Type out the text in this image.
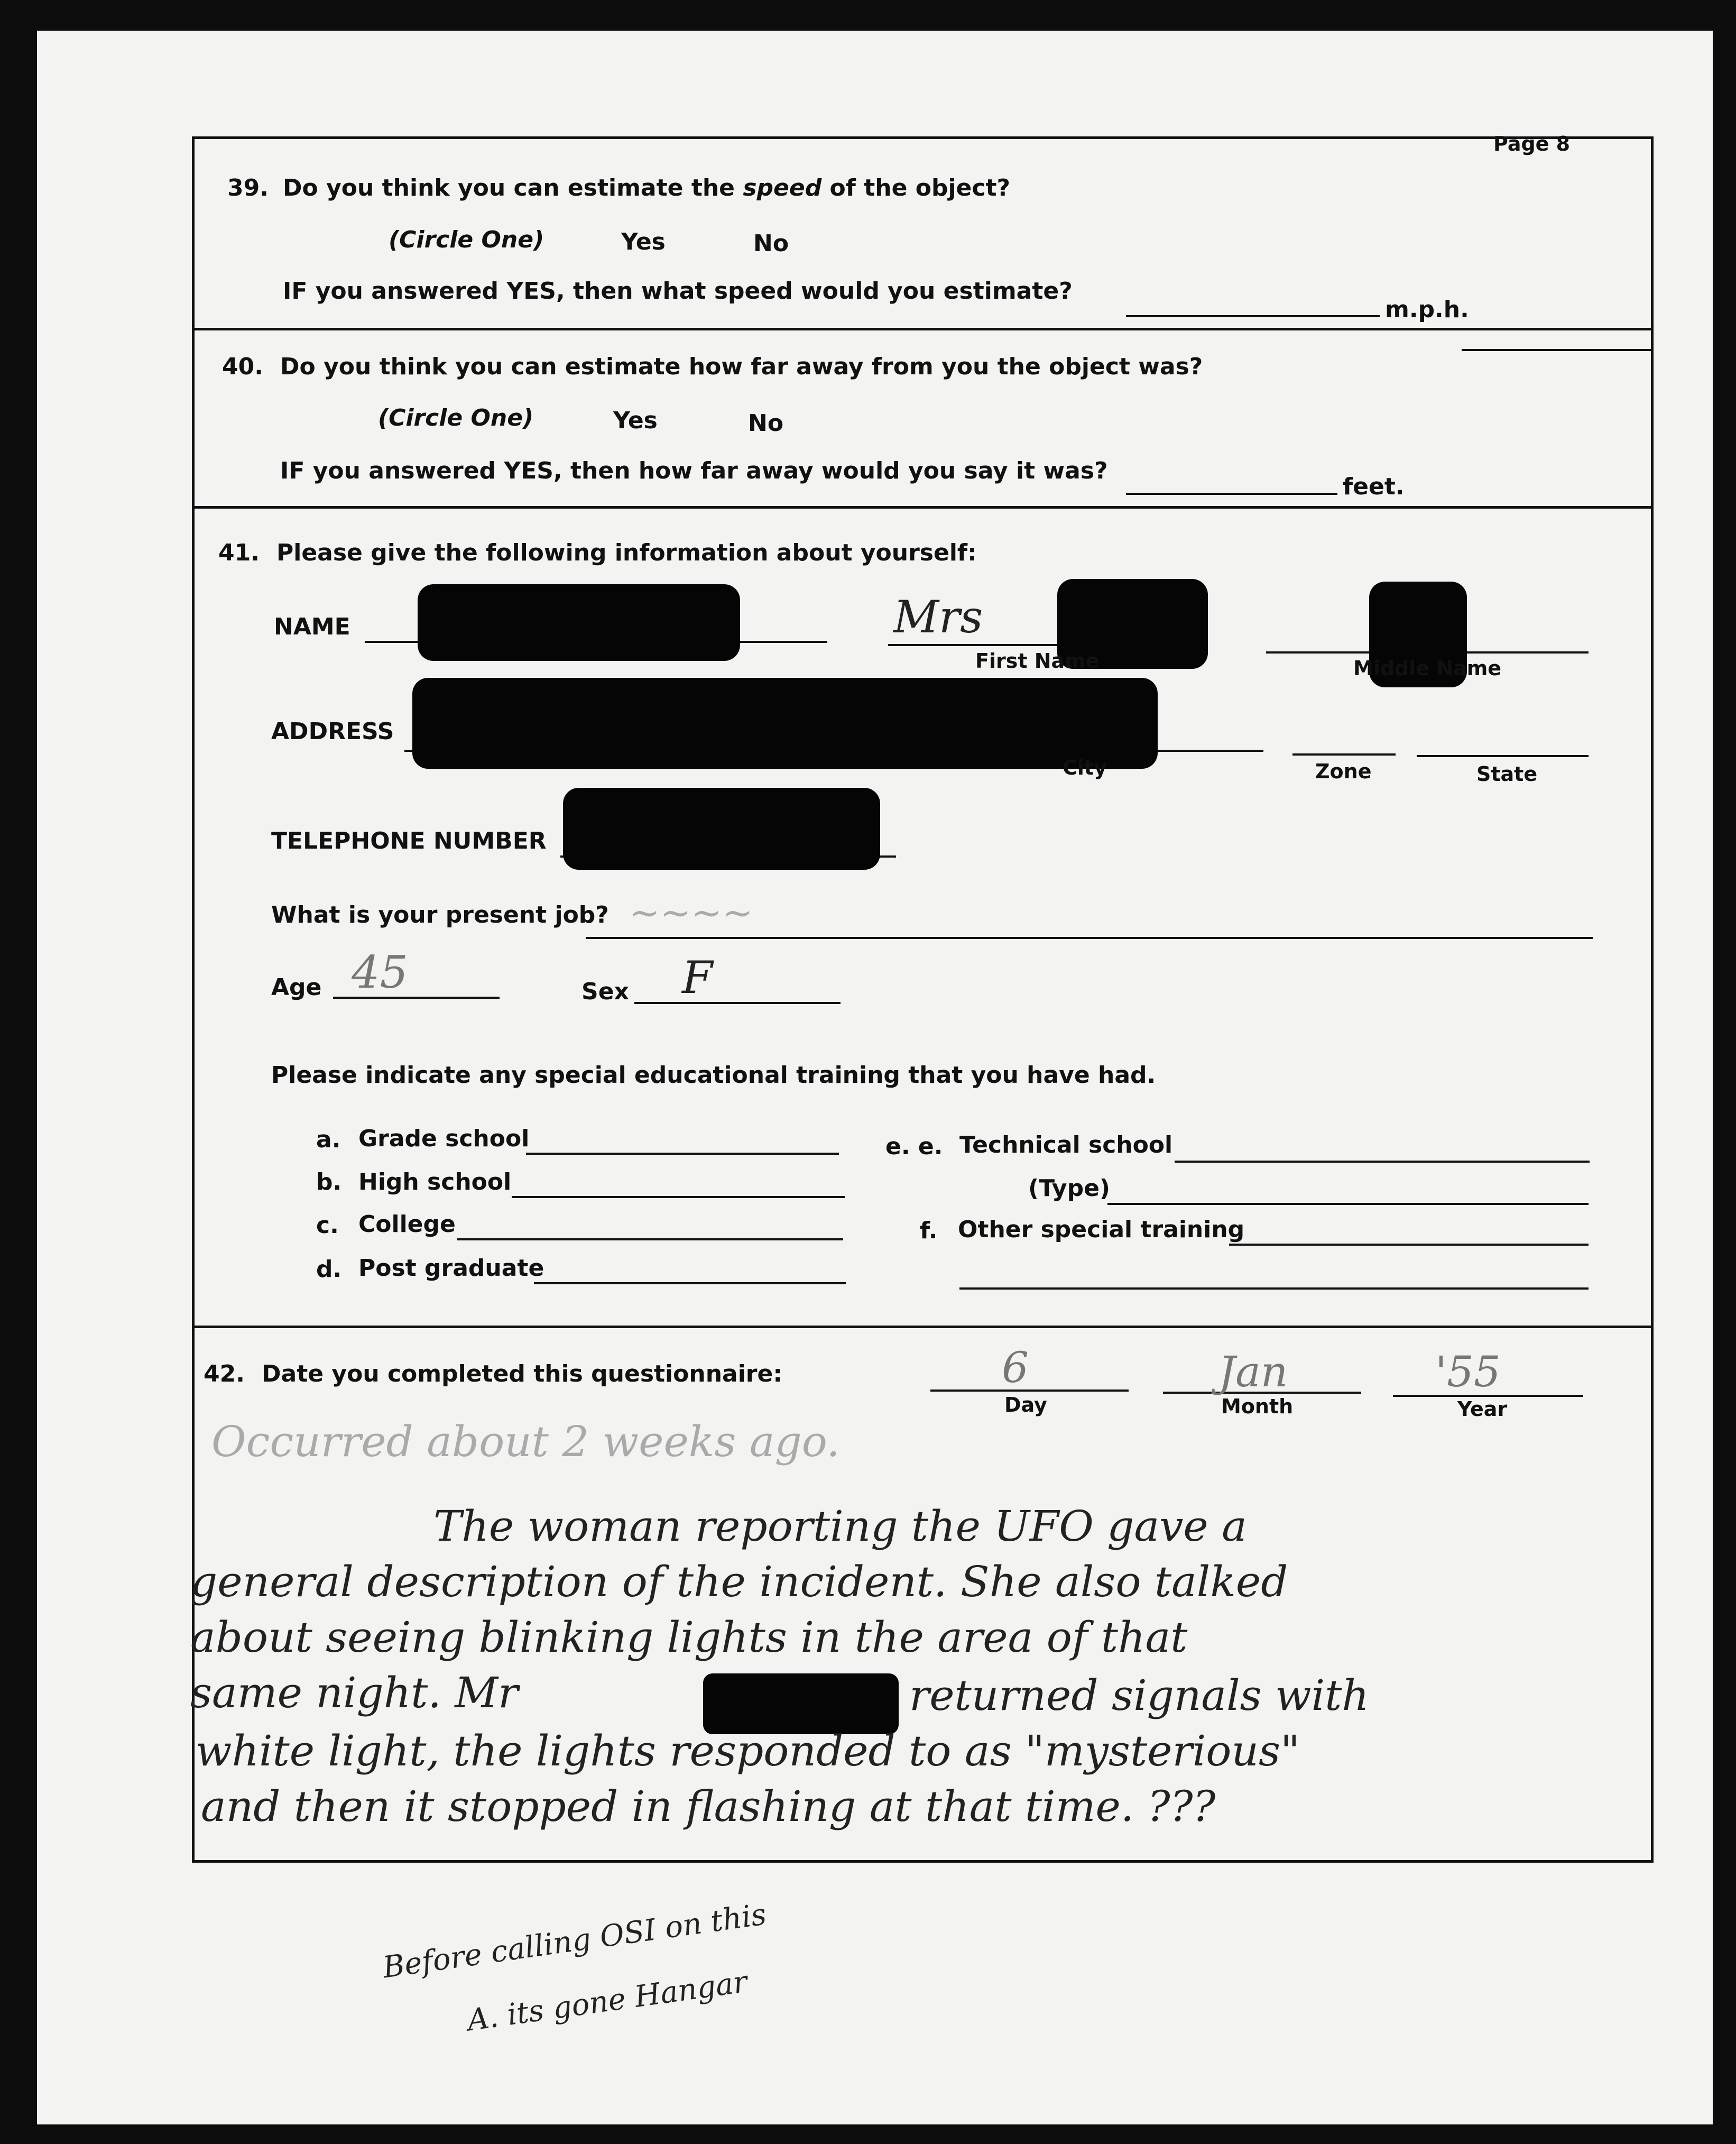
Page 8
39. Do you think you can estimate the speed of the object?
(Circle One)	Yes	No
IF you answered YES, then what speed would you estimate?
m.p.h.
40. Do you think you can estimate how far away from you the object was?
(Circle One)	Yes	No
IF you answered YES, then how far away would you say it was?
feet.
41. Please give the following information about yourself:
NAME	Mrs
First Name	Middle Name
ADDRESS
City	Zone	State
TELEPHONE NUMBER
What is your present job? ~~~~
Age 45	Sex F
Please indicate any special educational training that you have had.
a. Grade school
b. High school
c. College
d. Post graduate
e. e. Technical school
(Type)
f. Other special training
42. Date you completed this questionnaire:	6
Day
Jan
Month
'55
Year
Occurred about 2 weeks ago.
The woman reporting the UFO gave a
general description of the incident. She also talked
about seeing blinking lights in the area of that
same night. Mr	returned signals with
white light, the lights responded to as "mysterious"
and then it stopped in flashing at that time. ???
Before calling OSI on this
A. its gone Hangar
